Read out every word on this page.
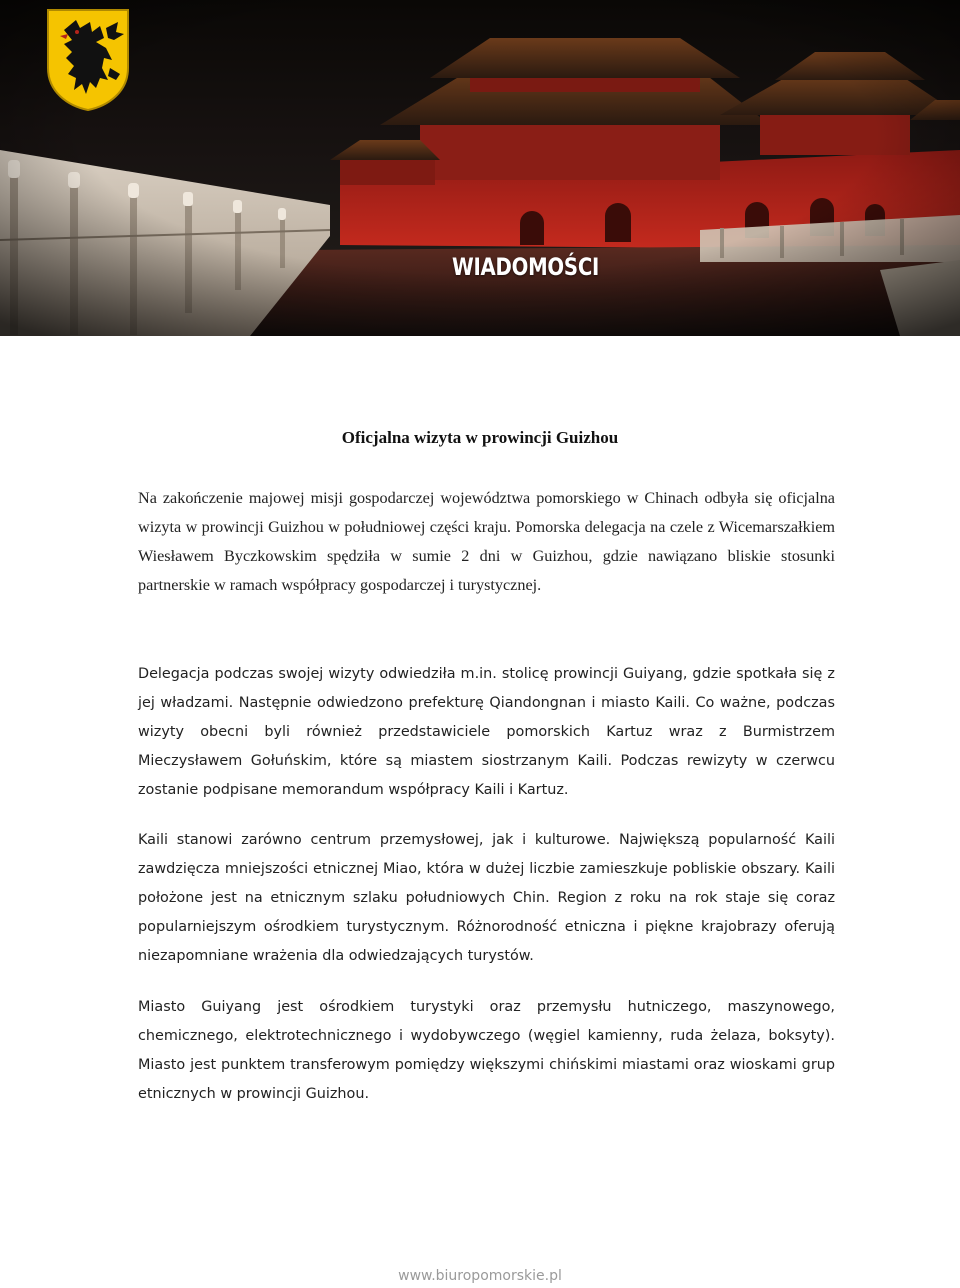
WIADOMOŚCI
Oficjalna wizyta w prowincji Guizhou

Na zakończenie majowej misji gospodarczej województwa pomorskiego w Chinach odbyła się oficjalna wizyta w prowincji Guizhou w południowej części kraju. Pomorska delegacja na czele z Wicemarszałkiem Wiesławem Byczkowskim spędziła w sumie 2 dni w Guizhou, gdzie nawiązano bliskie stosunki partnerskie w ramach współpracy gospodarczej i turystycznej.

Delegacja podczas swojej wizyty odwiedziła m.in. stolicę prowincji Guiyang, gdzie spotkała się z jej władzami. Następnie odwiedzono prefekturę Qiandongnan i miasto Kaili. Co ważne, podczas wizyty obecni byli również przedstawiciele pomorskich Kartuz wraz z Burmistrzem Mieczysławem Gołuńskim, które są miastem siostrzanym Kaili. Podczas rewizyty w czerwcu zostanie podpisane memorandum współpracy Kaili i Kartuz.

Kaili stanowi zarówno centrum przemysłowej, jak i kulturowe. Największą popularność Kaili zawdzięcza mniejszości etnicznej Miao, która w dużej liczbie zamieszkuje pobliskie obszary. Kaili położone jest na etnicznym szlaku południowych Chin. Region z roku na rok staje się coraz popularniejszym ośrodkiem turystycznym. Różnorodność etniczna i piękne krajobrazy oferują niezapomniane wrażenia dla odwiedzających turystów.

Miasto Guiyang jest ośrodkiem turystyki oraz przemysłu hutniczego, maszynowego, chemicznego, elektrotechnicznego i wydobywczego (węgiel kamienny, ruda żelaza, boksyty). Miasto jest punktem transferowym pomiędzy większymi chińskimi miastami oraz wioskami grup etnicznych w prowincji Guizhou.

www.biuropomorskie.pl
